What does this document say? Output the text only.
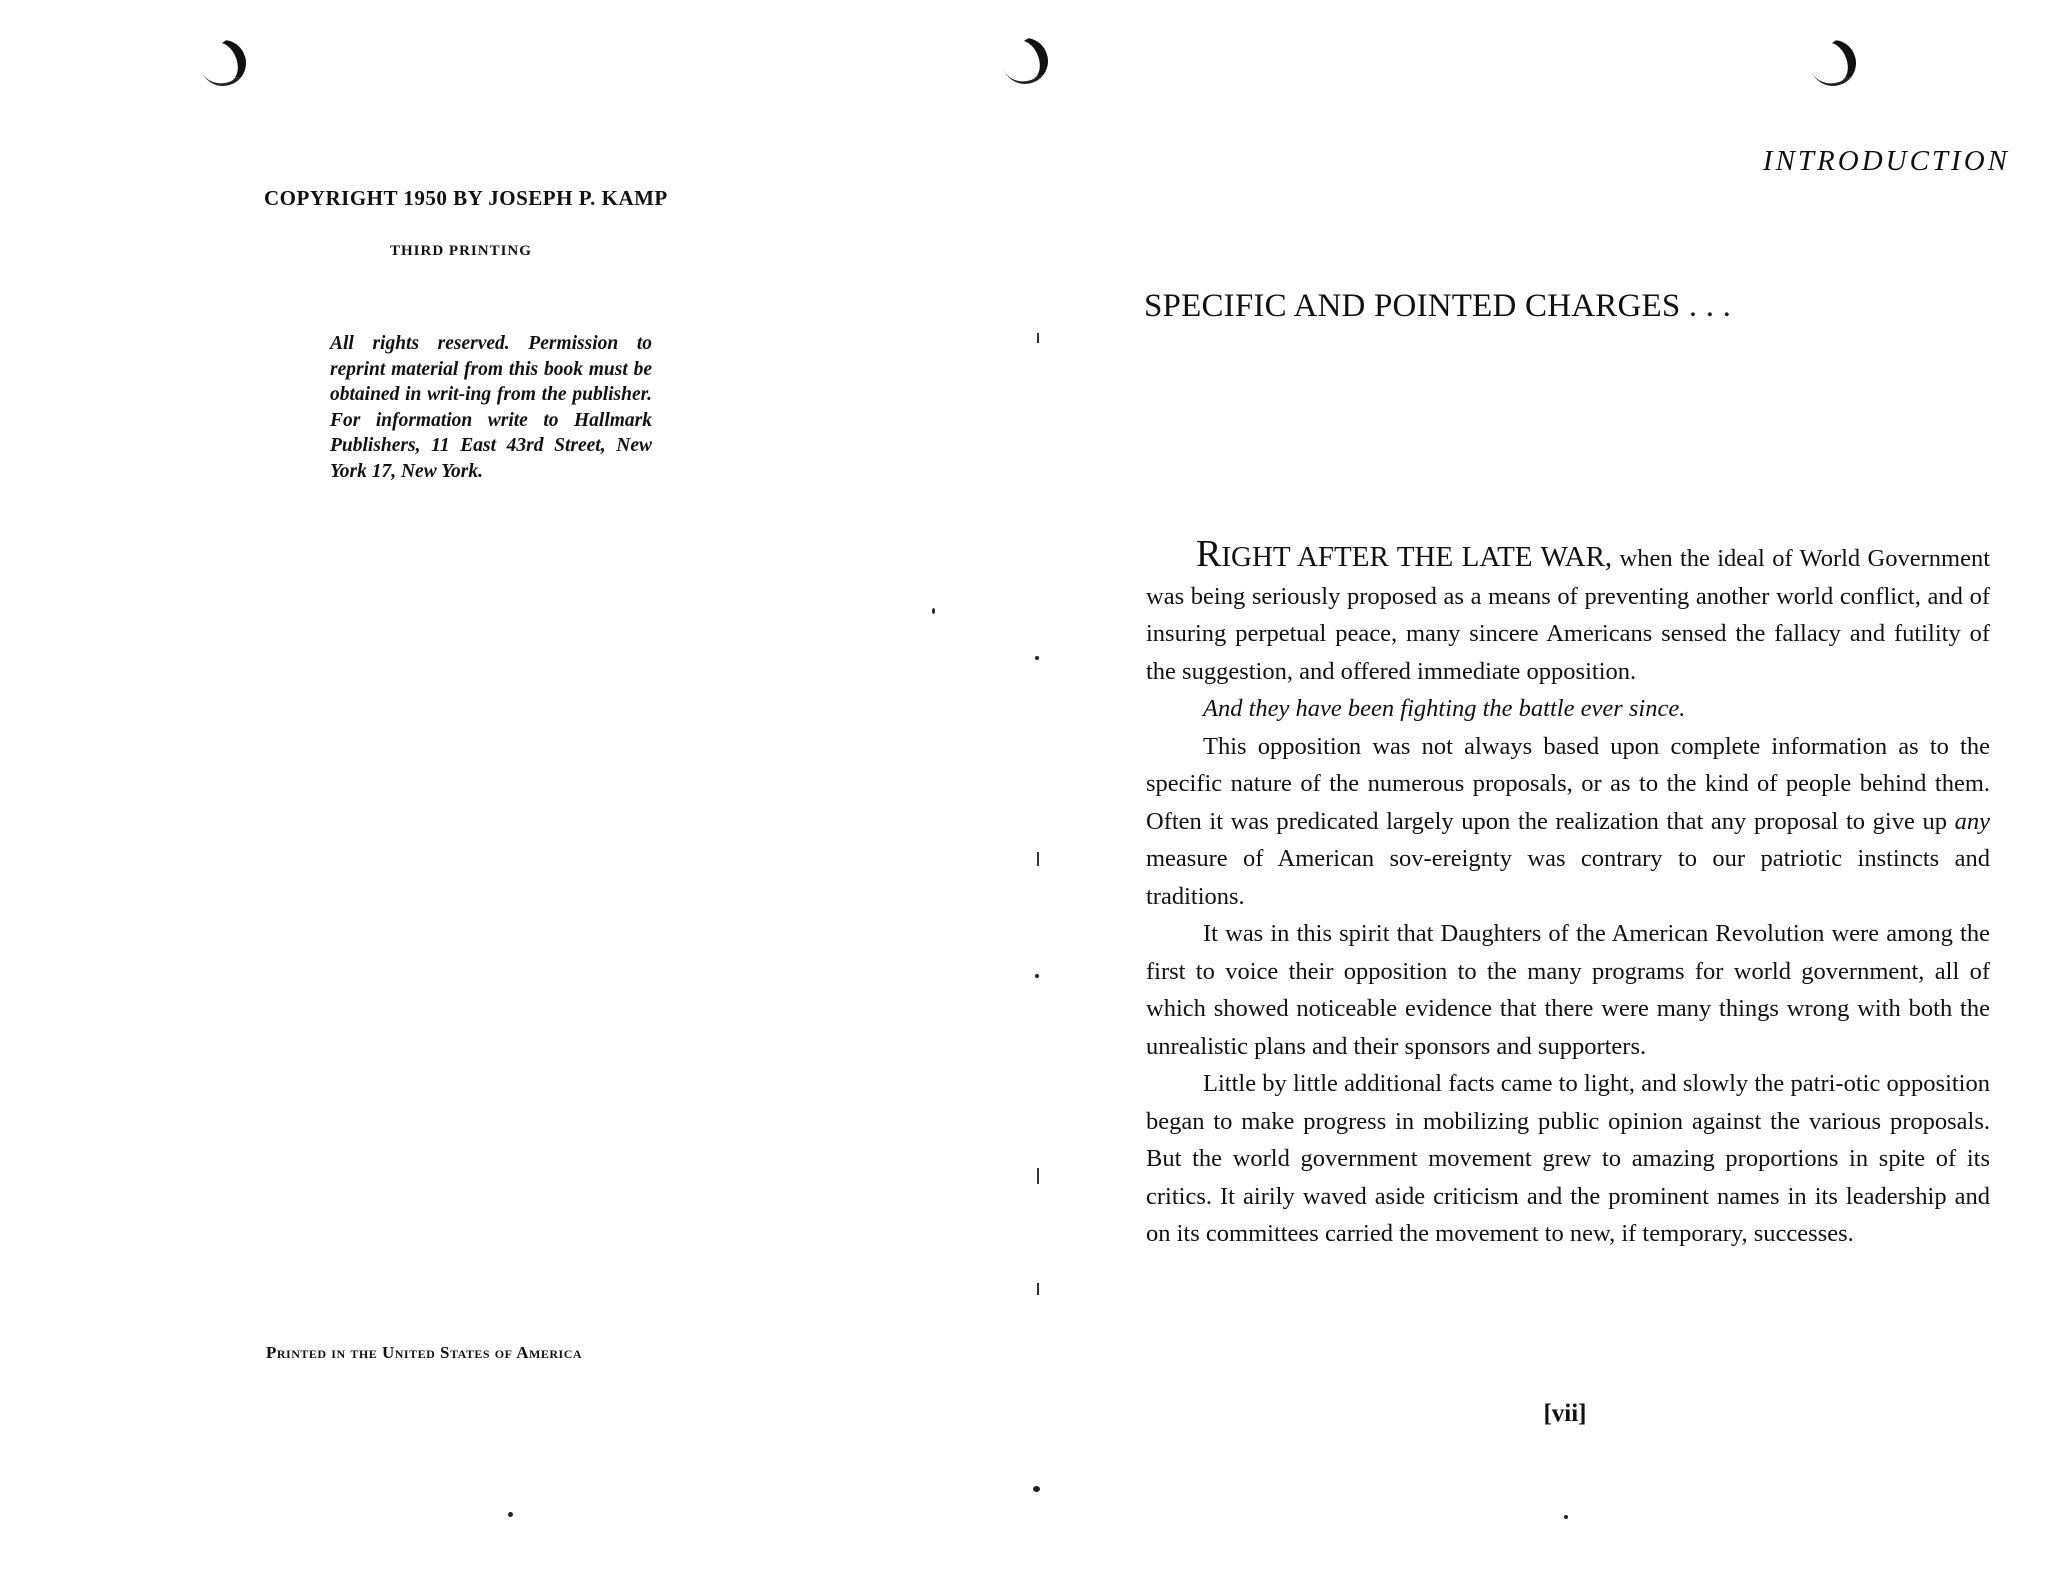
COPYRIGHT 1950 BY JOSEPH P. KAMP
THIRD PRINTING
All rights reserved. Permission to reprint material from this book must be obtained in writ-ing from the publisher. For information write to Hallmark Publishers, 11 East 43rd Street, New York 17, New York.
Printed in the United States of America
INTRODUCTION
SPECIFIC AND POINTED CHARGES . . .

RIGHT AFTER THE LATE WAR, when the ideal of World Government was being seriously proposed as a means of preventing another world conflict, and of insuring perpetual peace, many sincere Americans sensed the fallacy and futility of the suggestion, and offered immediate opposition.

And they have been fighting the battle ever since.

This opposition was not always based upon complete information as to the specific nature of the numerous proposals, or as to the kind of people behind them. Often it was predicated largely upon the realization that any proposal to give up any measure of American sov-ereignty was contrary to our patriotic instincts and traditions.

It was in this spirit that Daughters of the American Revolution were among the first to voice their opposition to the many programs for world government, all of which showed noticeable evidence that there were many things wrong with both the unrealistic plans and their sponsors and supporters.

Little by little additional facts came to light, and slowly the patri-otic opposition began to make progress in mobilizing public opinion against the various proposals. But the world government movement grew to amazing proportions in spite of its critics. It airily waved aside criticism and the prominent names in its leadership and on its committees carried the movement to new, if temporary, successes.

[vii]
